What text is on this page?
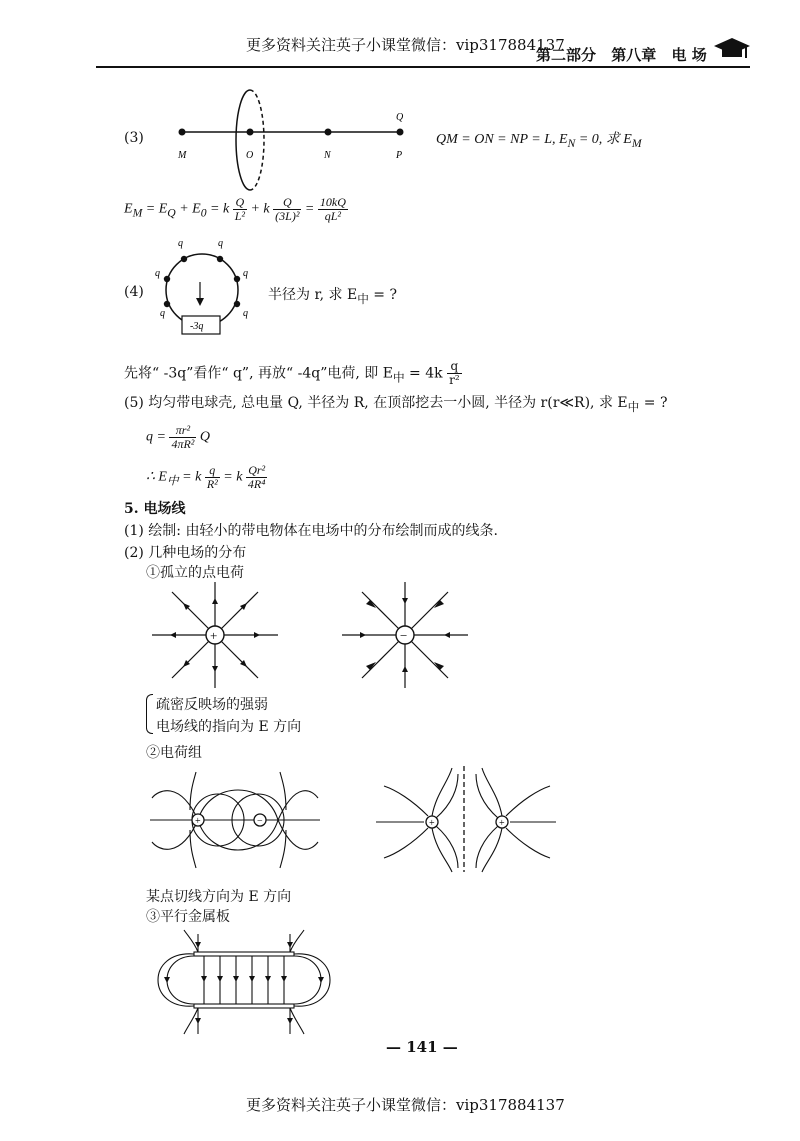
更多资料关注英子小课堂微信：vip317884137
第二部分 第八章 电 场
(3)
M	O	N	P
Q
QM = ON = NP = L, $E_N = 0$, 求 $E_M$
$E_M = E_Q + E_0 = k \frac{Q}{\text{L²}} + k \frac{Q}{\text{(3L)²}} = \frac{10kQ}{\text{qL²}}$
(4)
q	q
q	q
q	q
-3q
半径为 r, 求 $E_中$ = ?
先将“ -3q”看作“ q”, 再放“ -4q”电荷, 即 $E_中 = 4k \frac{q}{\text{r²}}$
(5) 均匀带电球壳, 总电量 Q, 半径为 R, 在顶部挖去一小圆, 半径为 r(r≪R), 求 $E_中$ = ?
$q = \frac{\text{πr²}}{\text{4πR²}}$ Q
∴ $E_中 = k \frac{q}{\text{R²}} = k \frac{\text{Qr²}}{\text{4R⁴}}$
5. 电场线
(1) 绘制: 由轻小的带电物体在电场中的分布绘制而成的线条.
(2) 几种电场的分布
①孤立的点电荷
+	−
疏密反映场的强弱
电场线的指向为 E 方向
②电荷组
+	−	+	+
某点切线方向为 E 方向
③平行金属板
— 141 —
更多资料关注英子小课堂微信：vip317884137
